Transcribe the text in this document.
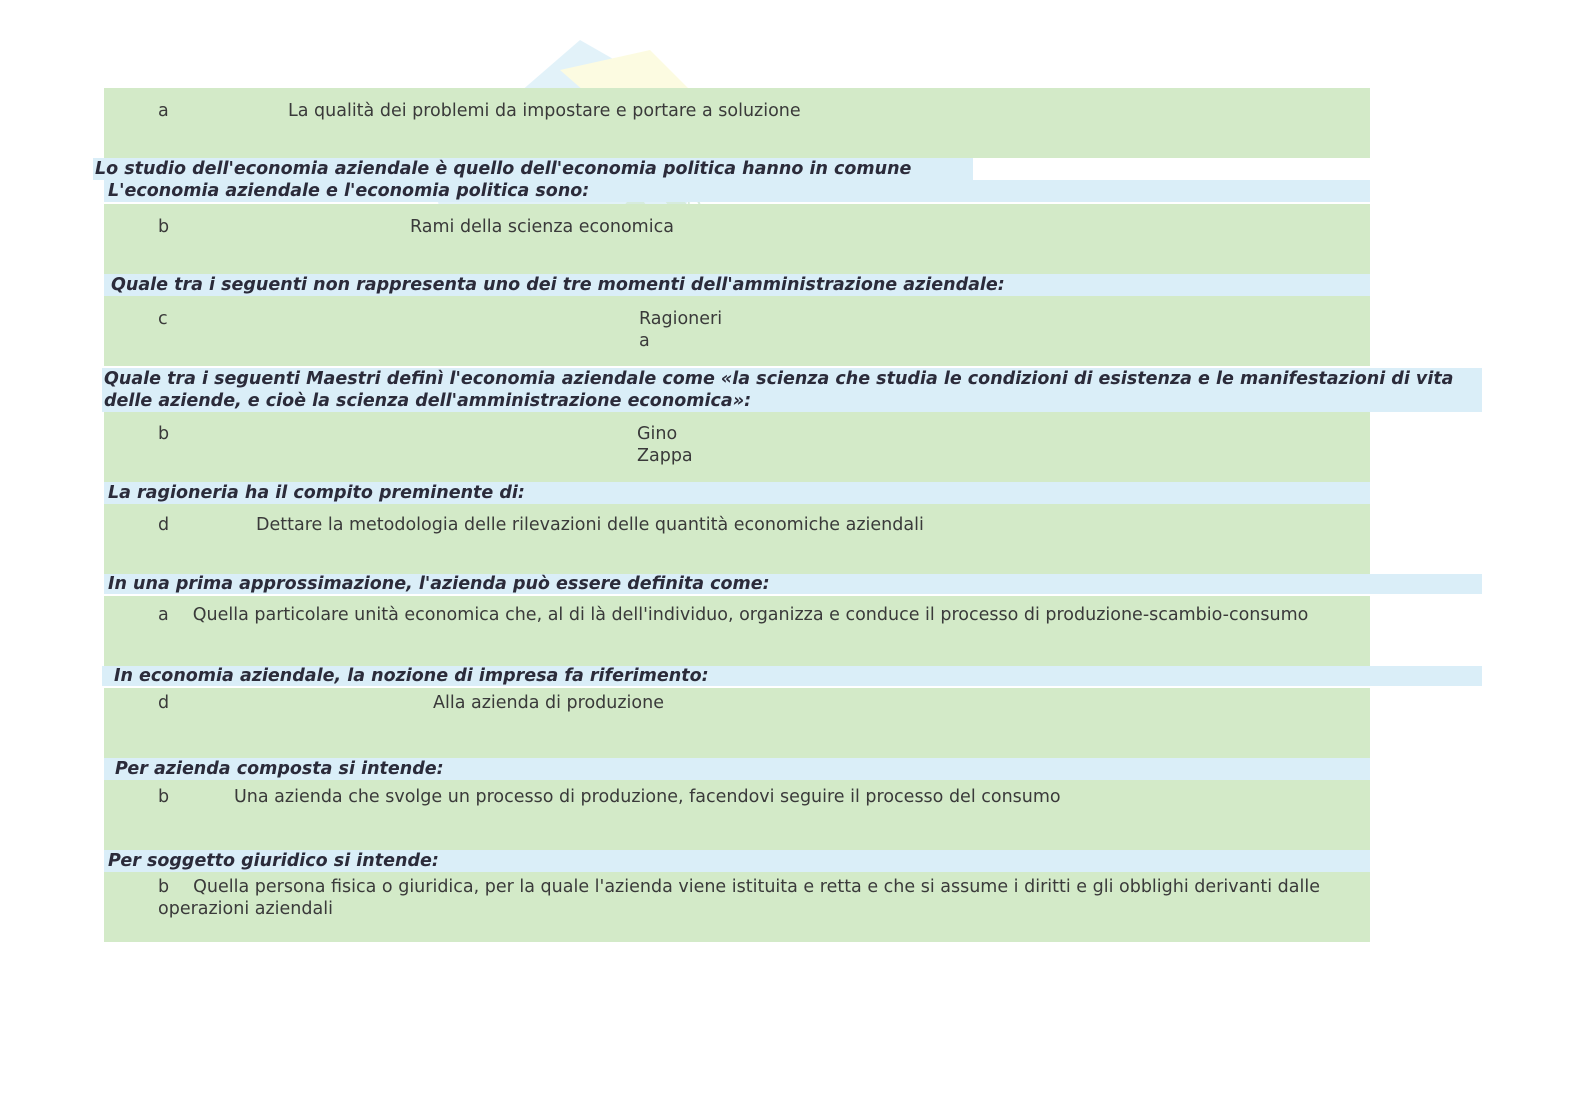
a	La qualità dei problemi da impostare e portare a soluzione
Lo studio dell'economia aziendale è quello dell'economia politica hanno in comune
L'economia aziendale e l'economia politica sono:
b	Rami della scienza economica
Quale tra i seguenti non rappresenta uno dei tre momenti dell'amministrazione aziendale:
c	Ragioneria
Quale tra i seguenti Maestri definì l'economia aziendale come «la scienza che studia le condizioni di esistenza e le manifestazioni di vita delle aziende, e cioè la scienza dell'amministrazione economica»:
b	Gino Zappa
La ragioneria ha il compito preminente di:
d	Dettare la metodologia delle rilevazioni delle quantità economiche aziendali
In una prima approssimazione, l'azienda può essere definita come:
a Quella particolare unità economica che, al di là dell'individuo, organizza e conduce il processo di produzione-scambio-consumo
In economia aziendale, la nozione di impresa fa riferimento:
d	Alla azienda di produzione
Per azienda composta si intende:
b	Una azienda che svolge un processo di produzione, facendovi seguire il processo del consumo
Per soggetto giuridico si intende:
b Quella persona fisica o giuridica, per la quale l'azienda viene istituita e retta e che si assume i diritti e gli obblighi derivanti dalle operazioni aziendali
